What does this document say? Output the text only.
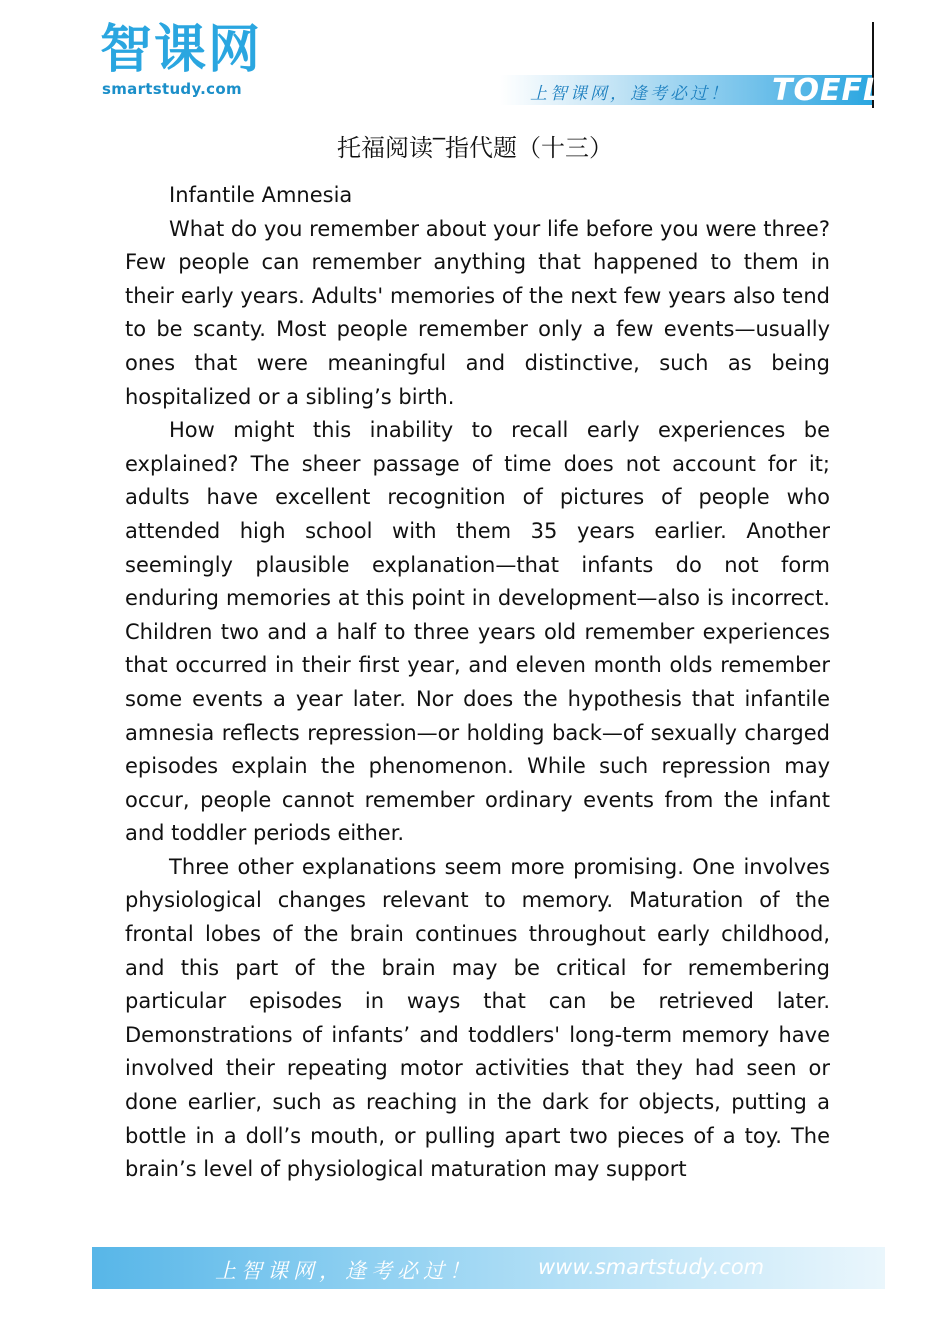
智课网
smartstudy.com	上智课网，逢考必过！ TOEFL
托福阅读‾指代题（十三）

Infantile Amnesia

What do you remember about your life before you were three? Few people can remember anything that happened to them in their early years. Adults' memories of the next few years also tend to be scanty. Most people remember only a few events—usually ones that were meaningful and distinctive, such as being hospitalized or a sibling’s birth.

How might this inability to recall early experiences be explained? The sheer passage of time does not account for it; adults have excellent recognition of pictures of people who attended high school with them 35 years earlier. Another seemingly plausible explanation—that infants do not form enduring memories at this point in development—also is incorrect. Children two and a half to three years old remember experiences that occurred in their first year, and eleven month olds remember some events a year later. Nor does the hypothesis that infantile amnesia reflects repression—or holding back—of sexually charged episodes explain the phenomenon. While such repression may occur, people cannot remember ordinary events from the infant and toddler periods either.

Three other explanations seem more promising. One involves physiological changes relevant to memory. Maturation of the frontal lobes of the brain continues throughout early childhood, and this part of the brain may be critical for remembering particular episodes in ways that can be retrieved later. Demonstrations of infants’ and toddlers' long-term memory have involved their repeating motor activities that they had seen or done earlier, such as reaching in the dark for objects, putting a bottle in a doll’s mouth, or pulling apart two pieces of a toy. The brain’s level of physiological maturation may support

上智课网，逢考必过！	www.smartstudy.com
